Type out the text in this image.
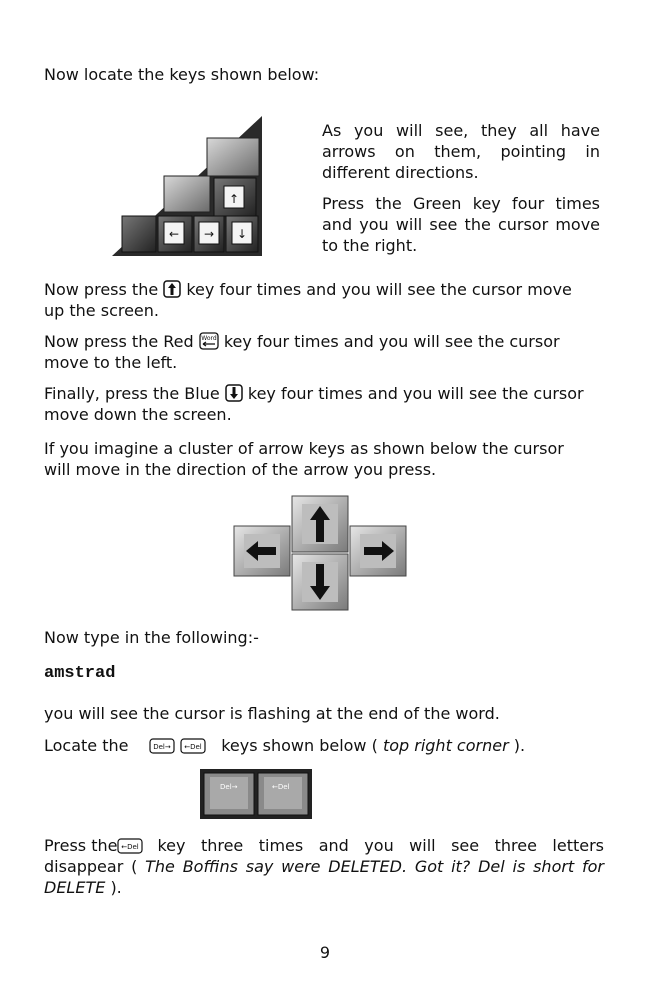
Now locate the keys shown below:

↑
← → ↓
As you will see, they all have
arrows on them, pointing in
different directions.
Press the Green key four times
and you will see the cursor move
to the right.
Now press the key four times and you will see the cursor move
up the screen.
Now press the Red Word key four times and you will see the cursor
move to the left.
Finally, press the Blue key four times and you will see the cursor
move down the screen.
If you imagine a cluster of arrow keys as shown below the cursor
will move in the direction of the arrow you press.

Now type in the following:-

amstrad

you will see the cursor is flashing at the end of the word.

Locate the	Del→
←Del keys shown below ( top right corner ).
Del→	←Del
Press the ←Del key three times and you will see three letters
disappear ( The Boffins say were DELETED. Got it? Del is short for
DELETE ).
9
